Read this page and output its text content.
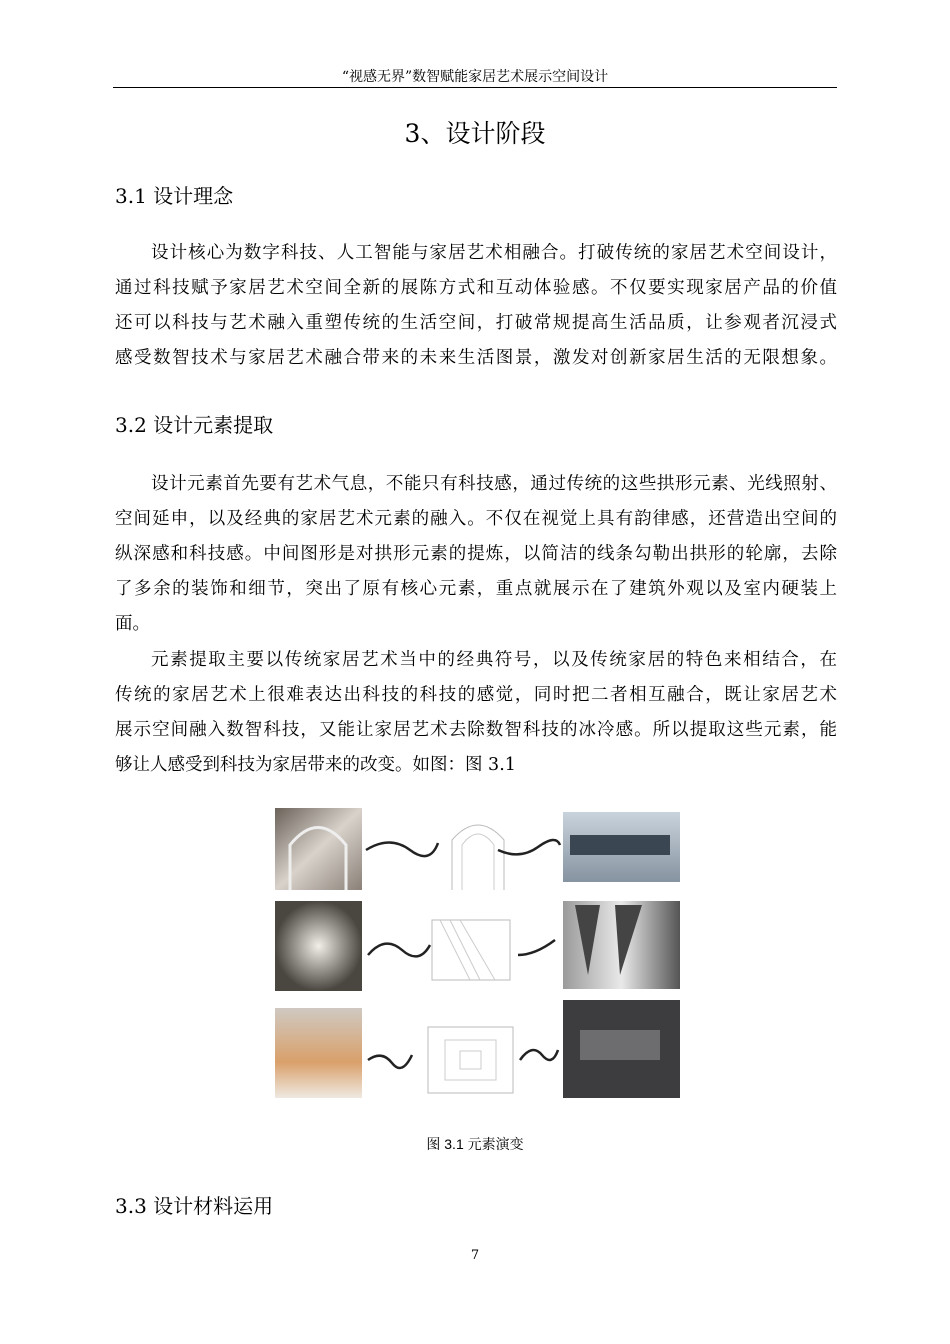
“视感无界”数智赋能家居艺术展示空间设计
3、设计阶段
3.1 设计理念
设计核心为数字科技、人工智能与家居艺术相融合。打破传统的家居艺术空间设计，
通过科技赋予家居艺术空间全新的展陈方式和互动体验感。不仅要实现家居产品的价值
还可以科技与艺术融入重塑传统的生活空间，打破常规提高生活品质，让参观者沉浸式
感受数智技术与家居艺术融合带来的未来生活图景，激发对创新家居生活的无限想象。
3.2 设计元素提取
设计元素首先要有艺术气息，不能只有科技感，通过传统的这些拱形元素、光线照射、
空间延申，以及经典的家居艺术元素的融入。不仅在视觉上具有韵律感，还营造出空间的
纵深感和科技感。中间图形是对拱形元素的提炼，以简洁的线条勾勒出拱形的轮廓，去除
了多余的装饰和细节，突出了原有核心元素，重点就展示在了建筑外观以及室内硬装上
面。
元素提取主要以传统家居艺术当中的经典符号，以及传统家居的特色来相结合，在
传统的家居艺术上很难表达出科技的科技的感觉，同时把二者相互融合，既让家居艺术
展示空间融入数智科技，又能让家居艺术去除数智科技的冰冷感。所以提取这些元素，能
够让人感受到科技为家居带来的改变。如图：图 3.1
图 3.1 元素演变
3.3 设计材料运用
7
